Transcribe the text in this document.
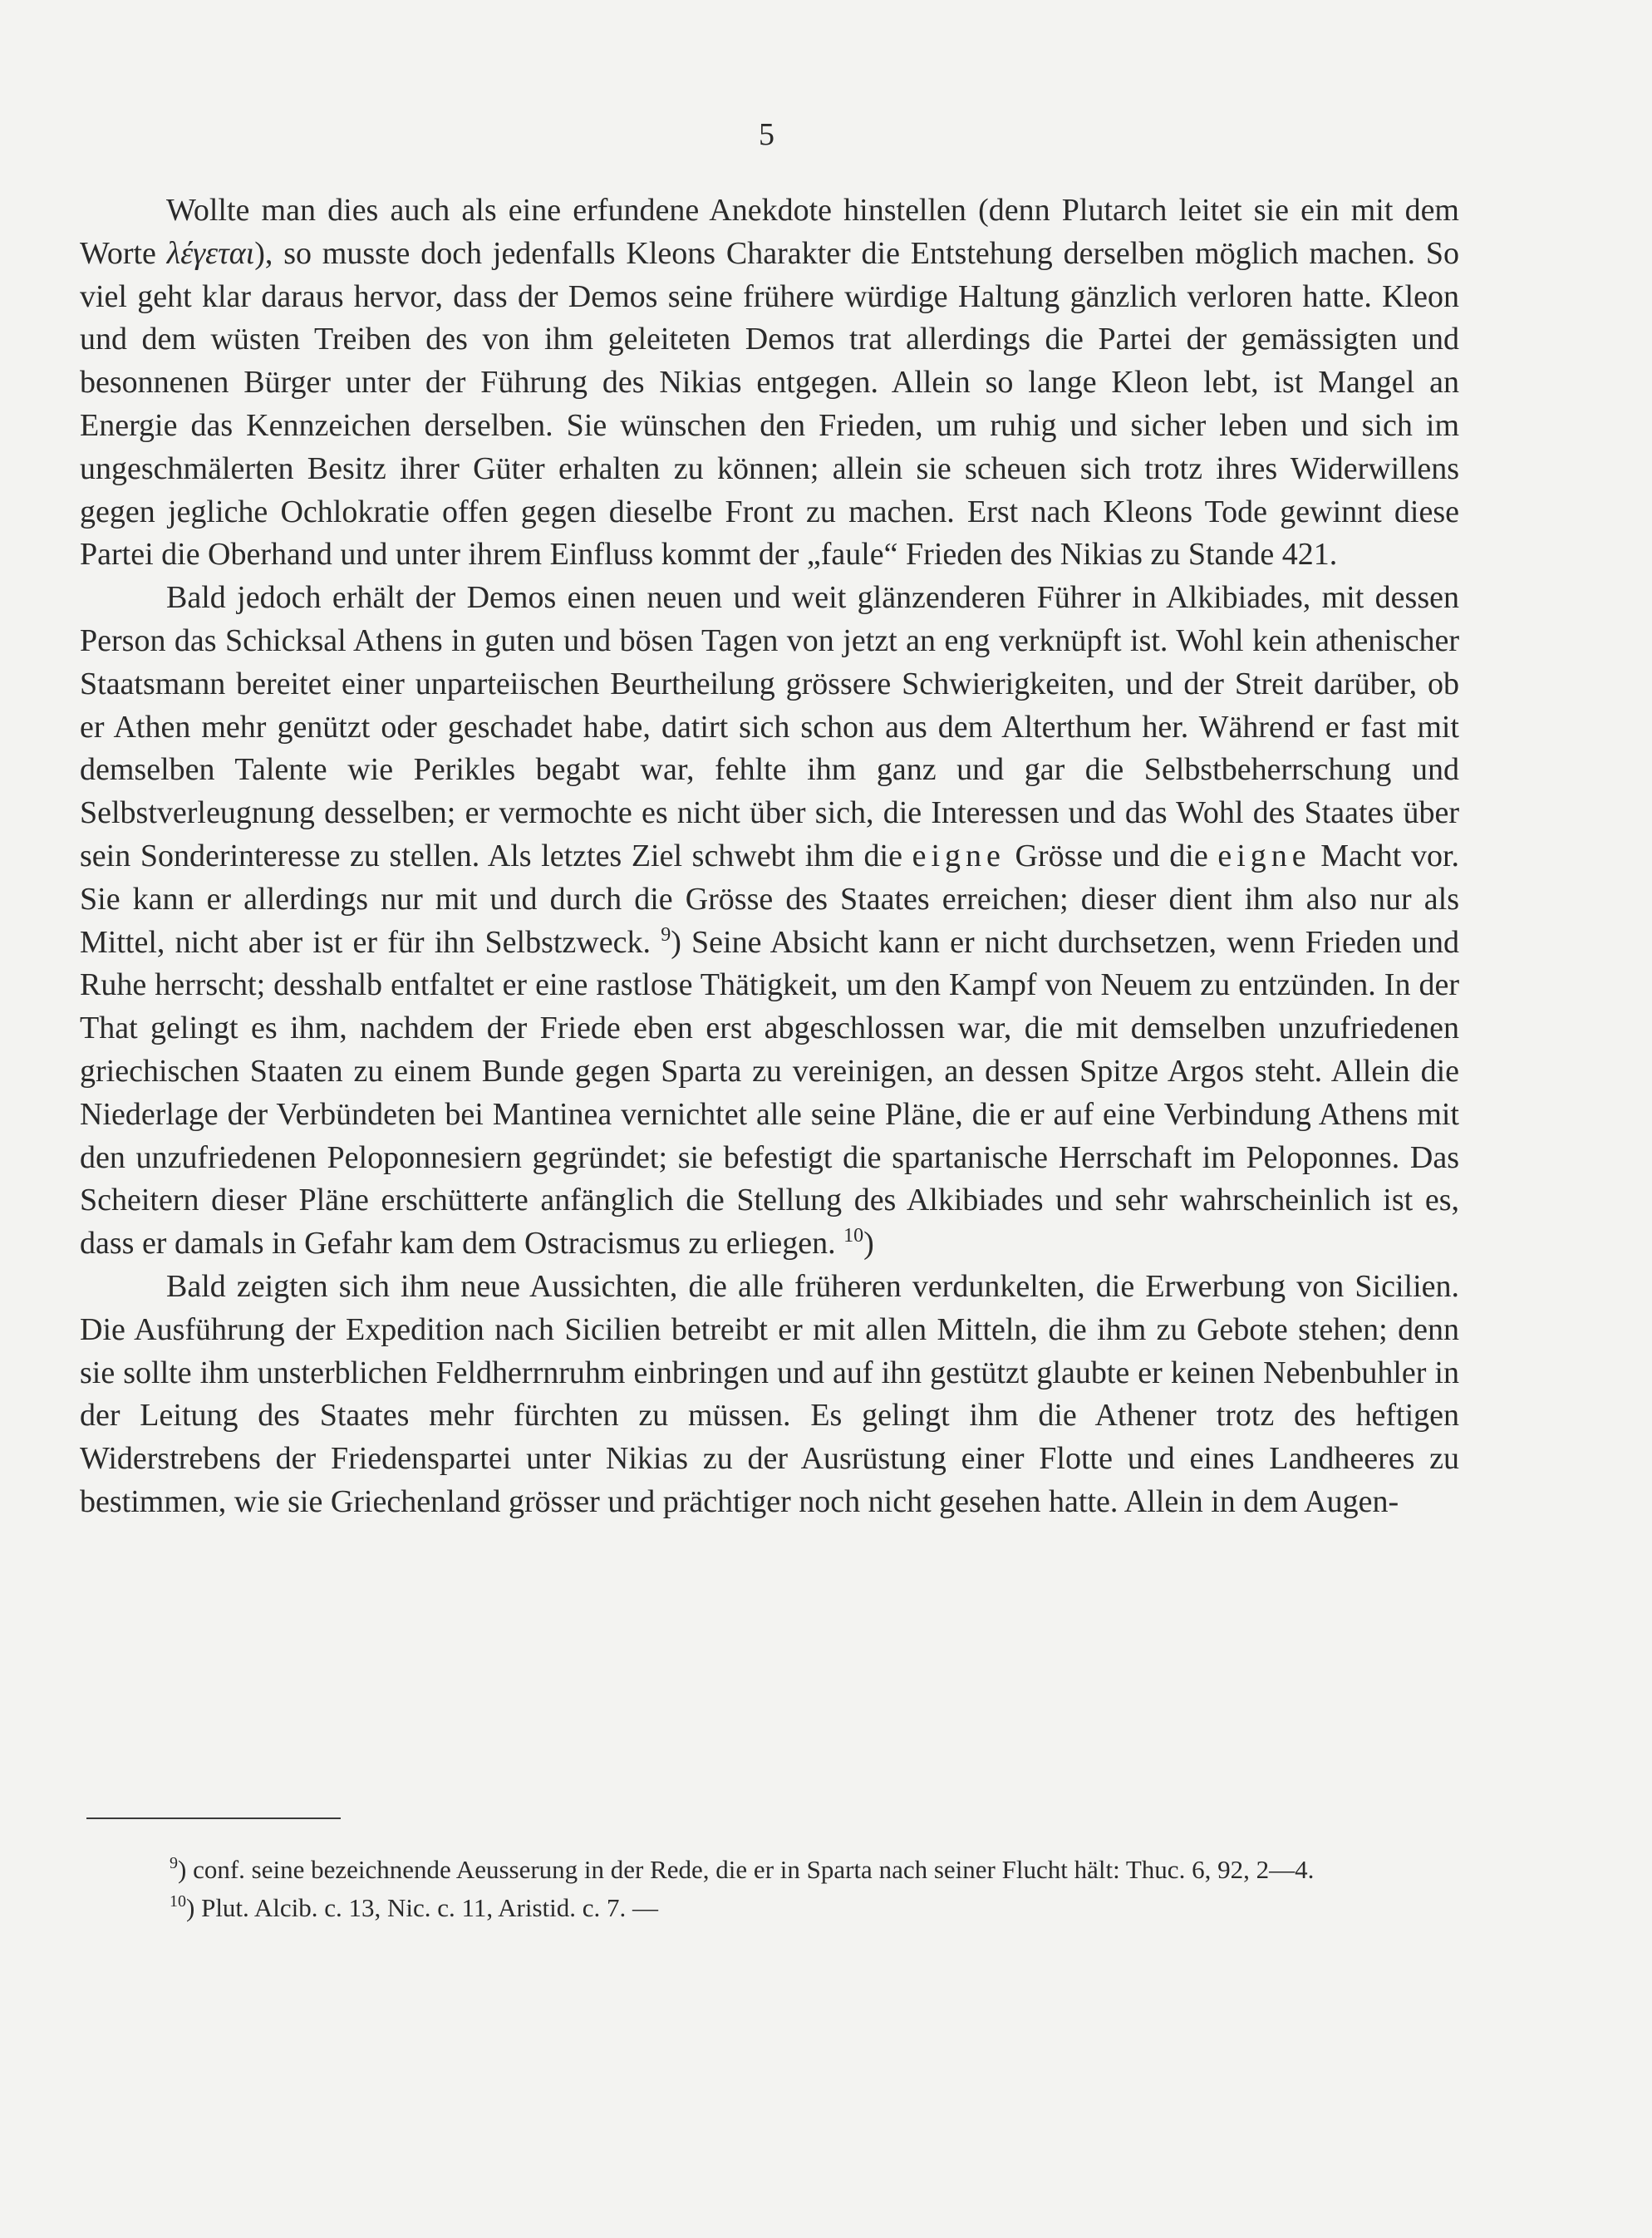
5

Wollte man dies auch als eine erfundene Anekdote hinstellen (denn Plutarch leitet sie ein mit dem Worte λέγεται), so musste doch jedenfalls Kleons Charakter die Entstehung derselben möglich machen. So viel geht klar daraus hervor, dass der Demos seine frühere würdige Haltung gänzlich verloren hatte. Kleon und dem wüsten Treiben des von ihm geleiteten Demos trat allerdings die Partei der gemässigten und besonnenen Bürger unter der Führung des Nikias entgegen. Allein so lange Kleon lebt, ist Mangel an Energie das Kennzeichen derselben. Sie wünschen den Frieden, um ruhig und sicher leben und sich im ungeschmälerten Besitz ihrer Güter erhalten zu können; allein sie scheuen sich trotz ihres Widerwillens gegen jegliche Ochlokratie offen gegen dieselbe Front zu machen. Erst nach Kleons Tode gewinnt diese Partei die Oberhand und unter ihrem Einfluss kommt der „faule“ Frieden des Nikias zu Stande 421.

Bald jedoch erhält der Demos einen neuen und weit glänzenderen Führer in Alkibiades, mit dessen Person das Schicksal Athens in guten und bösen Tagen von jetzt an eng verknüpft ist. Wohl kein athenischer Staatsmann bereitet einer unparteiischen Beurtheilung grössere Schwierigkeiten, und der Streit darüber, ob er Athen mehr genützt oder geschadet habe, datirt sich schon aus dem Alterthum her. Während er fast mit demselben Talente wie Perikles begabt war, fehlte ihm ganz und gar die Selbstbeherrschung und Selbstverleugnung desselben; er vermochte es nicht über sich, die Interessen und das Wohl des Staates über sein Sonderinteresse zu stellen. Als letztes Ziel schwebt ihm die eigne Grösse und die eigne Macht vor. Sie kann er allerdings nur mit und durch die Grösse des Staates erreichen; dieser dient ihm also nur als Mittel, nicht aber ist er für ihn Selbstzweck. $^9$) Seine Absicht kann er nicht durchsetzen, wenn Frieden und Ruhe herrscht; desshalb entfaltet er eine rastlose Thätigkeit, um den Kampf von Neuem zu entzünden. In der That gelingt es ihm, nachdem der Friede eben erst abgeschlossen war, die mit demselben unzufriedenen griechischen Staaten zu einem Bunde gegen Sparta zu vereinigen, an dessen Spitze Argos steht. Allein die Niederlage der Verbündeten bei Mantinea vernichtet alle seine Pläne, die er auf eine Verbindung Athens mit den unzufriedenen Peloponnesiern gegründet; sie befestigt die spartanische Herrschaft im Peloponnes. Das Scheitern dieser Pläne erschütterte anfänglich die Stellung des Alkibiades und sehr wahrscheinlich ist es, dass er damals in Gefahr kam dem Ostracismus zu erliegen. $^{10}$)

Bald zeigten sich ihm neue Aussichten, die alle früheren verdunkelten, die Erwerbung von Sicilien. Die Ausführung der Expedition nach Sicilien betreibt er mit allen Mitteln, die ihm zu Gebote stehen; denn sie sollte ihm unsterblichen Feldherrnruhm einbringen und auf ihn gestützt glaubte er keinen Nebenbuhler in der Leitung des Staates mehr fürchten zu müssen. Es gelingt ihm die Athener trotz des heftigen Widerstrebens der Friedenspartei unter Nikias zu der Ausrüstung einer Flotte und eines Landheeres zu bestimmen, wie sie Griechenland grösser und prächtiger noch nicht gesehen hatte. Allein in dem Augen-

$^9$) conf. seine bezeichnende Aeusserung in der Rede, die er in Sparta nach seiner Flucht hält: Thuc. 6, 92, 2—4.

$^{10}$) Plut. Alcib. c. 13, Nic. c. 11, Aristid. c. 7. —
